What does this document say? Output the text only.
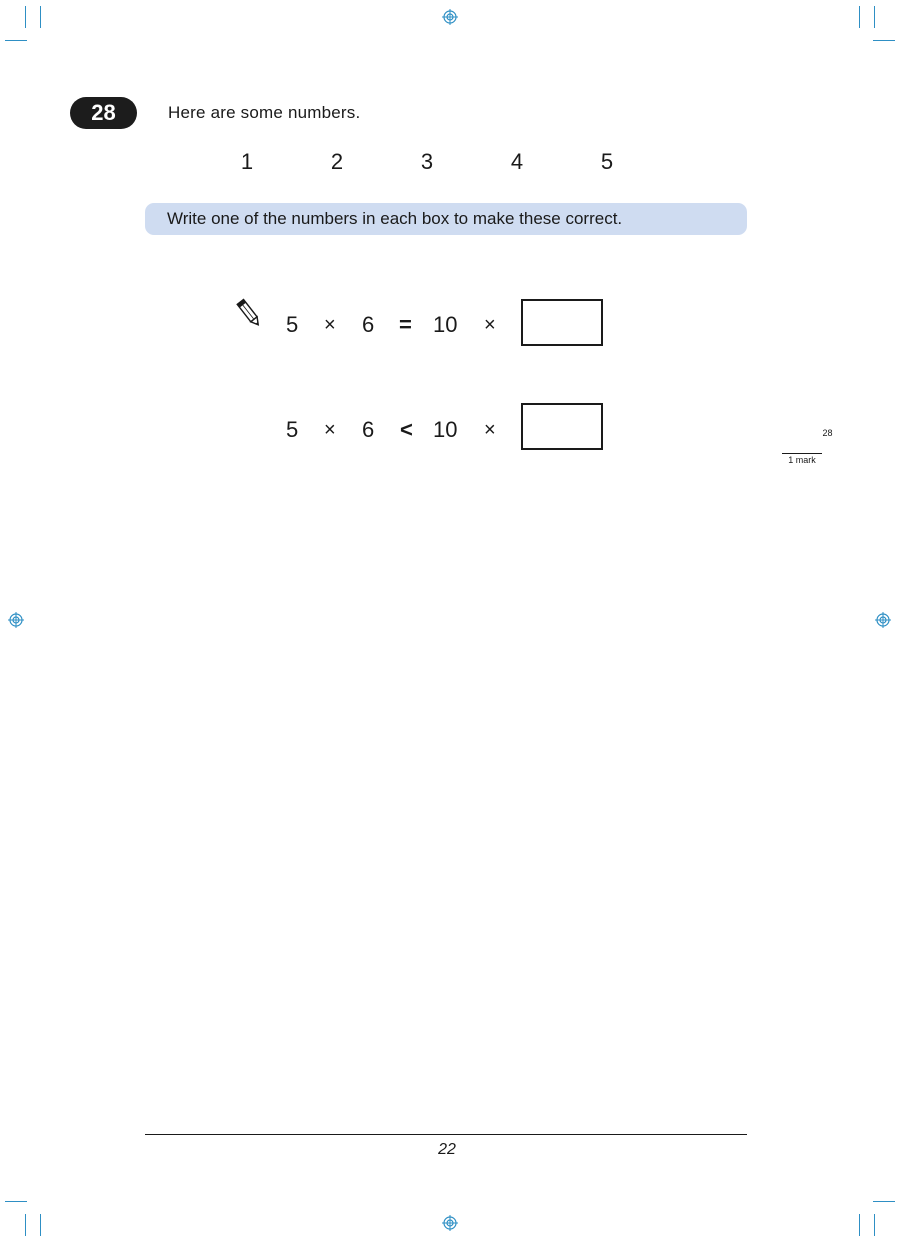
28	Here are some numbers.
1	2	3	4	5
Write one of the numbers in each box to make these correct.
5 × 6 = 10 ×
5 × 6 < 10 ×	28
1 mark
22
